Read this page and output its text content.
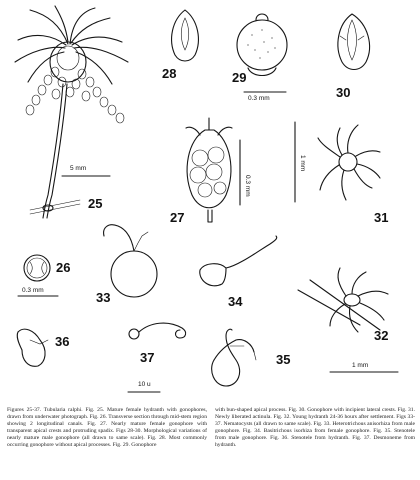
5 mm
25
28	29
0.3 mm	30
27
0.3 mm
1 mm
31
26
0.3 mm	33	34
32
1 mm
36
37
10 u
35

Figures 25-37. Tubularia ralphi. Fig. 25. Mature female hydranth with gonophores, drawn from underwater photograph. Fig. 26. Transverse section through mid-stem region showing 2 longitudinal canals. Fig. 27. Nearly mature female gonophore with transparent apical crests and protruding spadix. Figs 28-30. Morphological variations of nearly mature male gonophore (all drawn to same scale). Fig. 28. Most commonly occurring gonophore without apical processes. Fig. 29. Gonophore

with bun-shaped apical process. Fig. 30. Gonophore with incipient lateral crests. Fig. 31. Newly liberated actinula. Fig. 32. Young hydranth 24-36 hours after settlement. Figs 33-37. Nematocysts (all drawn to same scale). Fig. 33. Heterotrichous anisorhiza from male gonophore. Fig. 34. Basitrichous isorhiza from female gonophore. Fig. 35. Stenotele from male gonophore. Fig. 36. Stenotele from hydranth. Fig. 37. Desmoneme from hydranth.
